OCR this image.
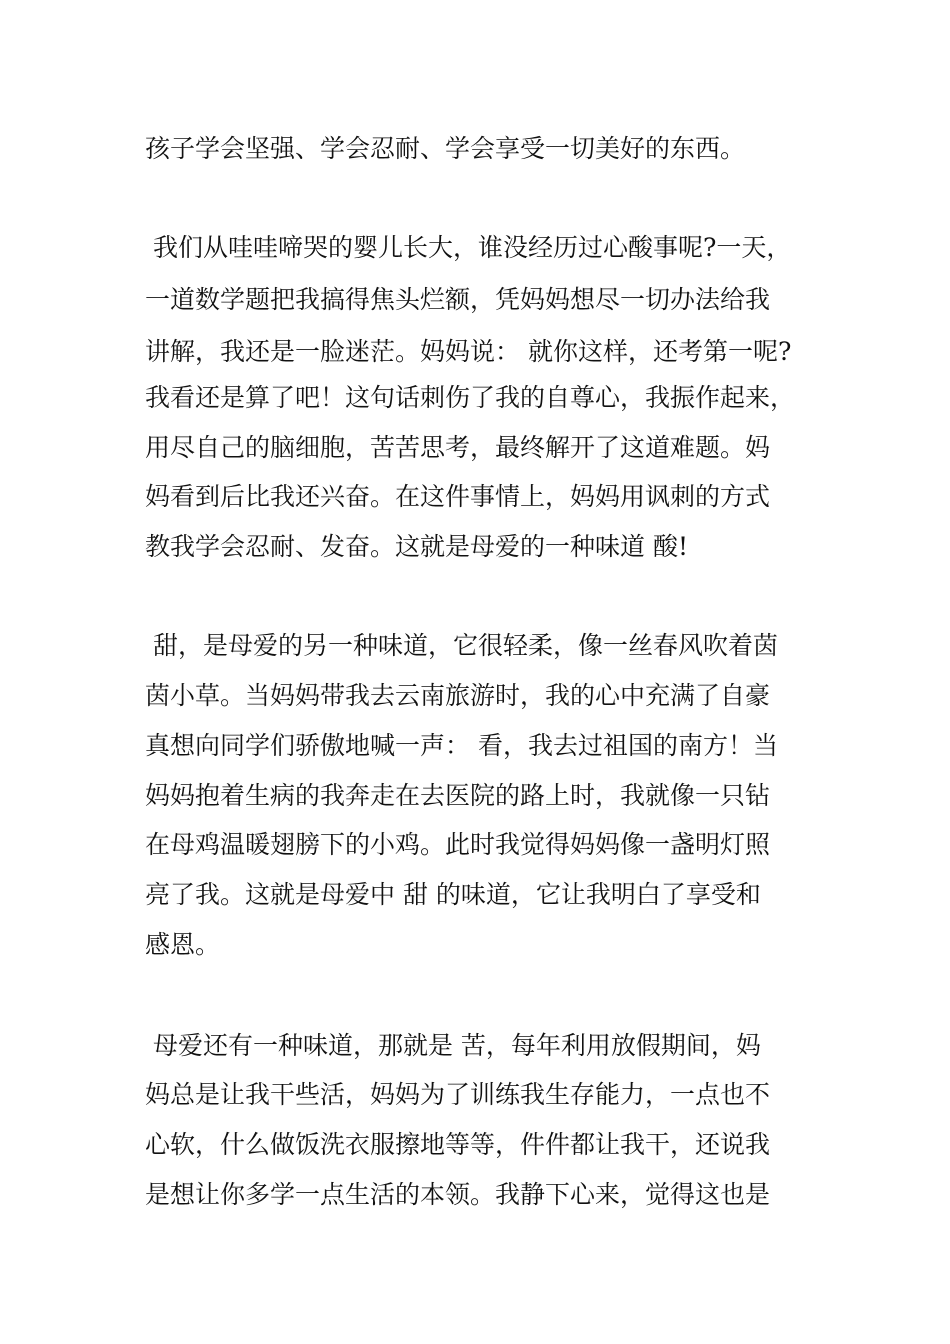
孩子学会坚强、学会忍耐、学会享受一切美好的东西。

我们从哇哇啼哭的婴儿长大，谁没经历过心酸事呢?一天，

一道数学题把我搞得焦头烂额，凭妈妈想尽一切办法给我

讲解，我还是一脸迷茫。妈妈说： 就你这样，还考第一呢?

我看还是算了吧！这句话刺伤了我的自尊心，我振作起来，

用尽自己的脑细胞，苦苦思考，最终解开了这道难题。妈

妈看到后比我还兴奋。在这件事情上，妈妈用讽刺的方式

教我学会忍耐、发奋。这就是母爱的一种味道 酸!

甜，是母爱的另一种味道，它很轻柔，像一丝春风吹着茵

茵小草。当妈妈带我去云南旅游时，我的心中充满了自豪

真想向同学们骄傲地喊一声： 看，我去过祖国的南方！当

妈妈抱着生病的我奔走在去医院的路上时，我就像一只钻

在母鸡温暖翅膀下的小鸡。此时我觉得妈妈像一盏明灯照

亮了我。这就是母爱中 甜 的味道，它让我明白了享受和

感恩。

母爱还有一种味道，那就是 苦，每年利用放假期间，妈

妈总是让我干些活，妈妈为了训练我生存能力，一点也不

心软，什么做饭洗衣服擦地等等，件件都让我干，还说我

是想让你多学一点生活的本领。我静下心来，觉得这也是
